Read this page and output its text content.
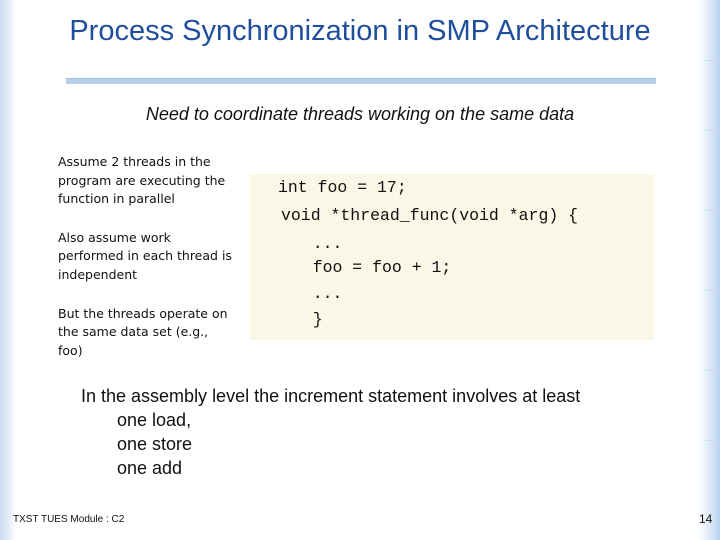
Process Synchronization in SMP Architecture
Need to coordinate threads working on the same data

Assume 2 threads in the program are executing the function in parallel

Also assume work performed in each thread is independent

But the threads operate on the same data set (e.g., foo)

int foo = 17;
void *thread_func(void *arg) {
...
foo = foo + 1;
...
}
In the assembly level the increment statement involves at least
one load,
one store
one add
TXST TUES Module : C2	14
